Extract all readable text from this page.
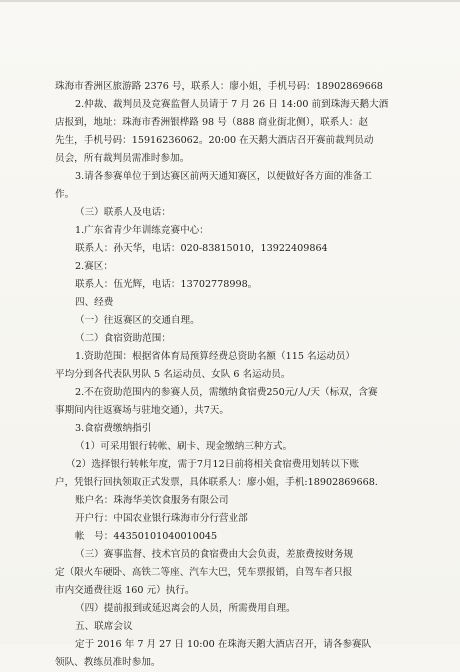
珠海市香洲区旅游路 2376 号，联系人：廖小姐，手机号码：18902869668
2.仲裁、裁判员及竞赛监督人员请于 7 月 26 日 14:00 前到珠海天鹅大酒
店报到，地址：珠海市香洲银桦路 98 号（888 商业街北侧），联系人：赵
先生，手机号码：15916236062。20:00 在天鹅大酒店召开赛前裁判员动
员会，所有裁判员需准时参加。
3.请各参赛单位于到达赛区前两天通知赛区，以便做好各方面的准备工
作。
（三）联系人及电话：
1.广东省青少年训练竞赛中心：
联系人：孙天华，电话：020-83815010，13922409864
2.赛区：
联系人：伍光辉，电话：13702778998。
四、经费
（一）往返赛区的交通自理。
（二）食宿资助范围：
1.资助范围：根据省体育局预算经费总资助名额（115 名运动员）
平均分到各代表队男队 5 名运动员、女队 6 名运动员。
2.不在资助范围内的参赛人员，需缴纳食宿费250元/人/天（标双，含赛
事期间内往返赛场与驻地交通），共7天。
3.食宿费缴纳指引
（1）可采用银行转帐、刷卡、现金缴纳三种方式。
（2）选择银行转帐年度，需于7月12日前将相关食宿费用划转以下账
户，凭银行回执领取正式发票，具体联系人：廖小姐，手机:18902869668.
账户名：珠海华美饮食服务有限公司
开户行：中国农业银行珠海市分行营业部
帐　号：44350101040010045
（三）赛事监督、技术官员的食宿费由大会负责，差旅费按财务规
定（限火车硬卧、高铁二等座、汽车大巴，凭车票报销，自驾车者只报
市内交通费往返 160 元）执行。
（四）提前报到或延迟离会的人员，所需费用自理。
五、联席会议
定于 2016 年 7 月 27 日 10:00 在珠海天鹅大酒店召开，请各参赛队
领队、教练员准时参加。
